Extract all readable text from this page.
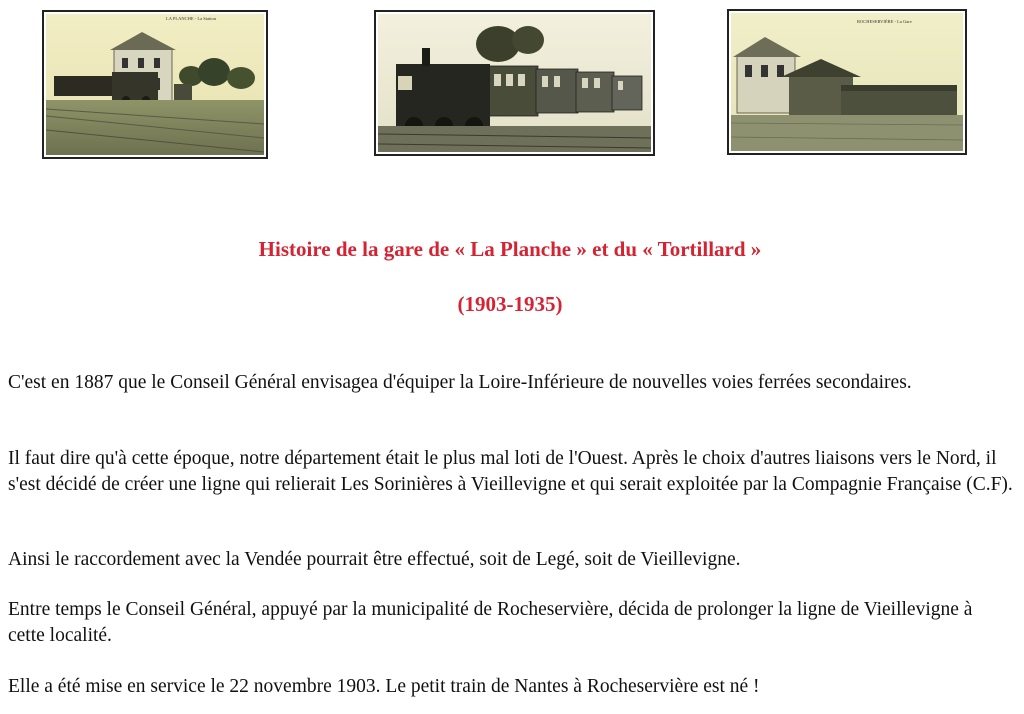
LA PLANCHE - La Station
ROCHESERVIÈRE - La Gare
Histoire de la gare de « La Planche » et du « Tortillard »
(1903-1935)

C'est en 1887 que le Conseil Général envisagea d'équiper la Loire-Inférieure de nouvelles voies ferrées secondaires.

Il faut dire qu'à cette époque, notre département était le plus mal loti de l'Ouest. Après le choix d'autres liaisons vers le Nord, il s'est décidé de créer une ligne qui relierait Les Sorinières à Vieillevigne et qui serait exploitée par la Compagnie Française (C.F).

Ainsi le raccordement avec la Vendée pourrait être effectué, soit de Legé, soit de Vieillevigne.

Entre temps le Conseil Général, appuyé par la municipalité de Rocheservière, décida de prolonger la ligne de Vieillevigne à cette localité.

Elle a été mise en service le 22 novembre 1903. Le petit train de Nantes à Rocheservière est né !
